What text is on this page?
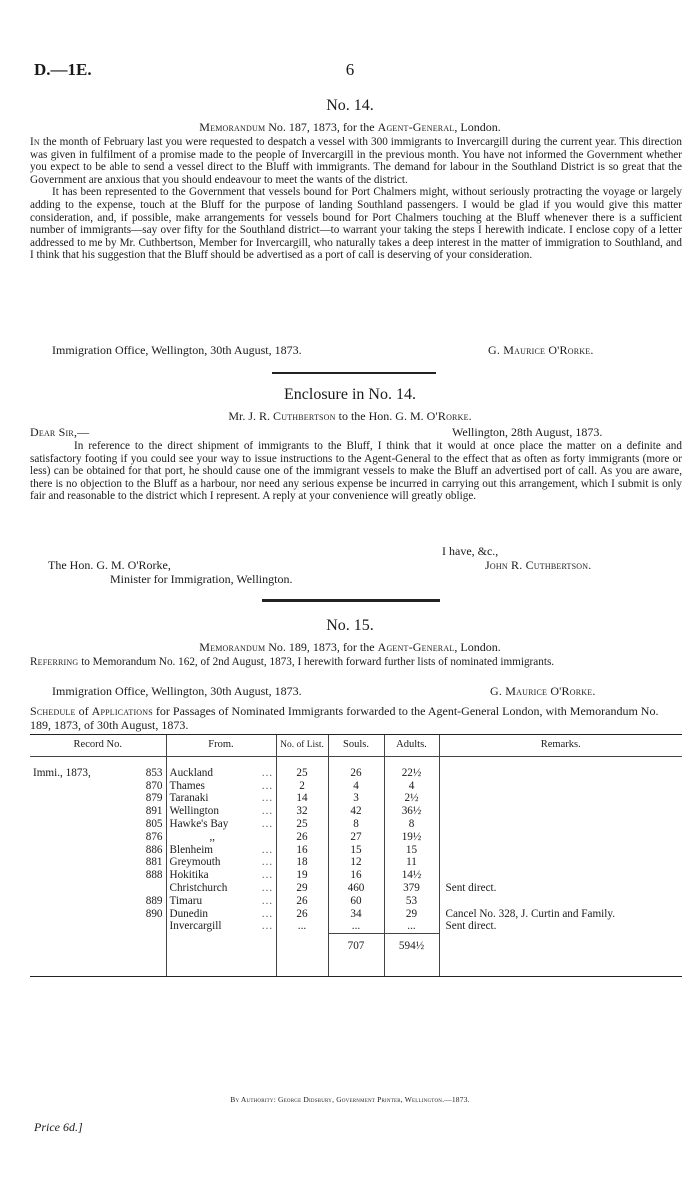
D.—1E.	6
No. 14.
Memorandum No. 187, 1873, for the Agent-General, London.

In the month of February last you were requested to despatch a vessel with 300 immigrants to Invercargill during the current year. This direction was given in fulfilment of a promise made to the people of Invercargill in the previous month. You have not informed the Government whether you expect to be able to send a vessel direct to the Bluff with immigrants. The demand for labour in the Southland District is so great that the Government are anxious that you should endeavour to meet the wants of the district.

It has been represented to the Government that vessels bound for Port Chalmers might, without seriously protracting the voyage or largely adding to the expense, touch at the Bluff for the purpose of landing Southland passengers. I would be glad if you would give this matter consideration, and, if possible, make arrangements for vessels bound for Port Chalmers touching at the Bluff whenever there is a sufficient number of immigrants—say over fifty for the Southland district—to warrant your taking the steps I herewith indicate. I enclose copy of a letter addressed to me by Mr. Cuthbertson, Member for Invercargill, who naturally takes a deep interest in the matter of immigration to Southland, and I think that his suggestion that the Bluff should be advertised as a port of call is deserving of your consideration.

Immigration Office, Wellington, 30th August, 1873.	G. Maurice O'Rorke.
Enclosure in No. 14.
Mr. J. R. Cuthbertson to the Hon. G. M. O'Rorke.
Dear Sir,—	Wellington, 28th August, 1873.

In reference to the direct shipment of immigrants to the Bluff, I think that it would at once place the matter on a definite and satisfactory footing if you could see your way to issue instructions to the Agent-General to the effect that as often as forty immigrants (more or less) can be obtained for that port, he should cause one of the immigrant vessels to make the Bluff an advertised port of call. As you are aware, there is no objection to the Bluff as a harbour, nor need any serious expense be incurred in carrying out this arrangement, which I submit is only fair and reasonable to the district which I represent. A reply at your convenience will greatly oblige.

I have, &c.,
The Hon. G. M. O'Rorke,	John R. Cuthbertson.
Minister for Immigration, Wellington.
No. 15.
Memorandum No. 189, 1873, for the Agent-General, London.

Referring to Memorandum No. 162, of 2nd August, 1873, I herewith forward further lists of nominated immigrants.

Immigration Office, Wellington, 30th August, 1873.	G. Maurice O'Rorke.
Schedule of Applications for Passages of Nominated Immigrants forwarded to the Agent-General London, with Memorandum No. 189, 1873, of 30th August, 1873.
Record No.	From.	No. of List.	Souls.	Adults.	Remarks.

Immi., 1873, 853	Auckland …	25	26	22½	
870	Thames …	2	4	4	
879	Taranaki …	14	3	2½	
891	Wellington …	32	42	36½	
805	Hawke's Bay …	25	8	8	
876	,,	26	27	19½	
886	Blenheim …	16	15	15	
881	Greymouth …	18	12	11	
888	Hokitika …	19	16	14½	
	Christchurch …	29	460	379	Sent direct.
889	Timaru …	26	60	53	
890	Dunedin …	26	34	29	Cancel No. 328, J. Curtin and Family.
	Invercargill …	...	...	...	Sent direct.

			707	594½	

By Authority: George Didsbury, Government Printer, Wellington.—1873.
Price 6d.]
